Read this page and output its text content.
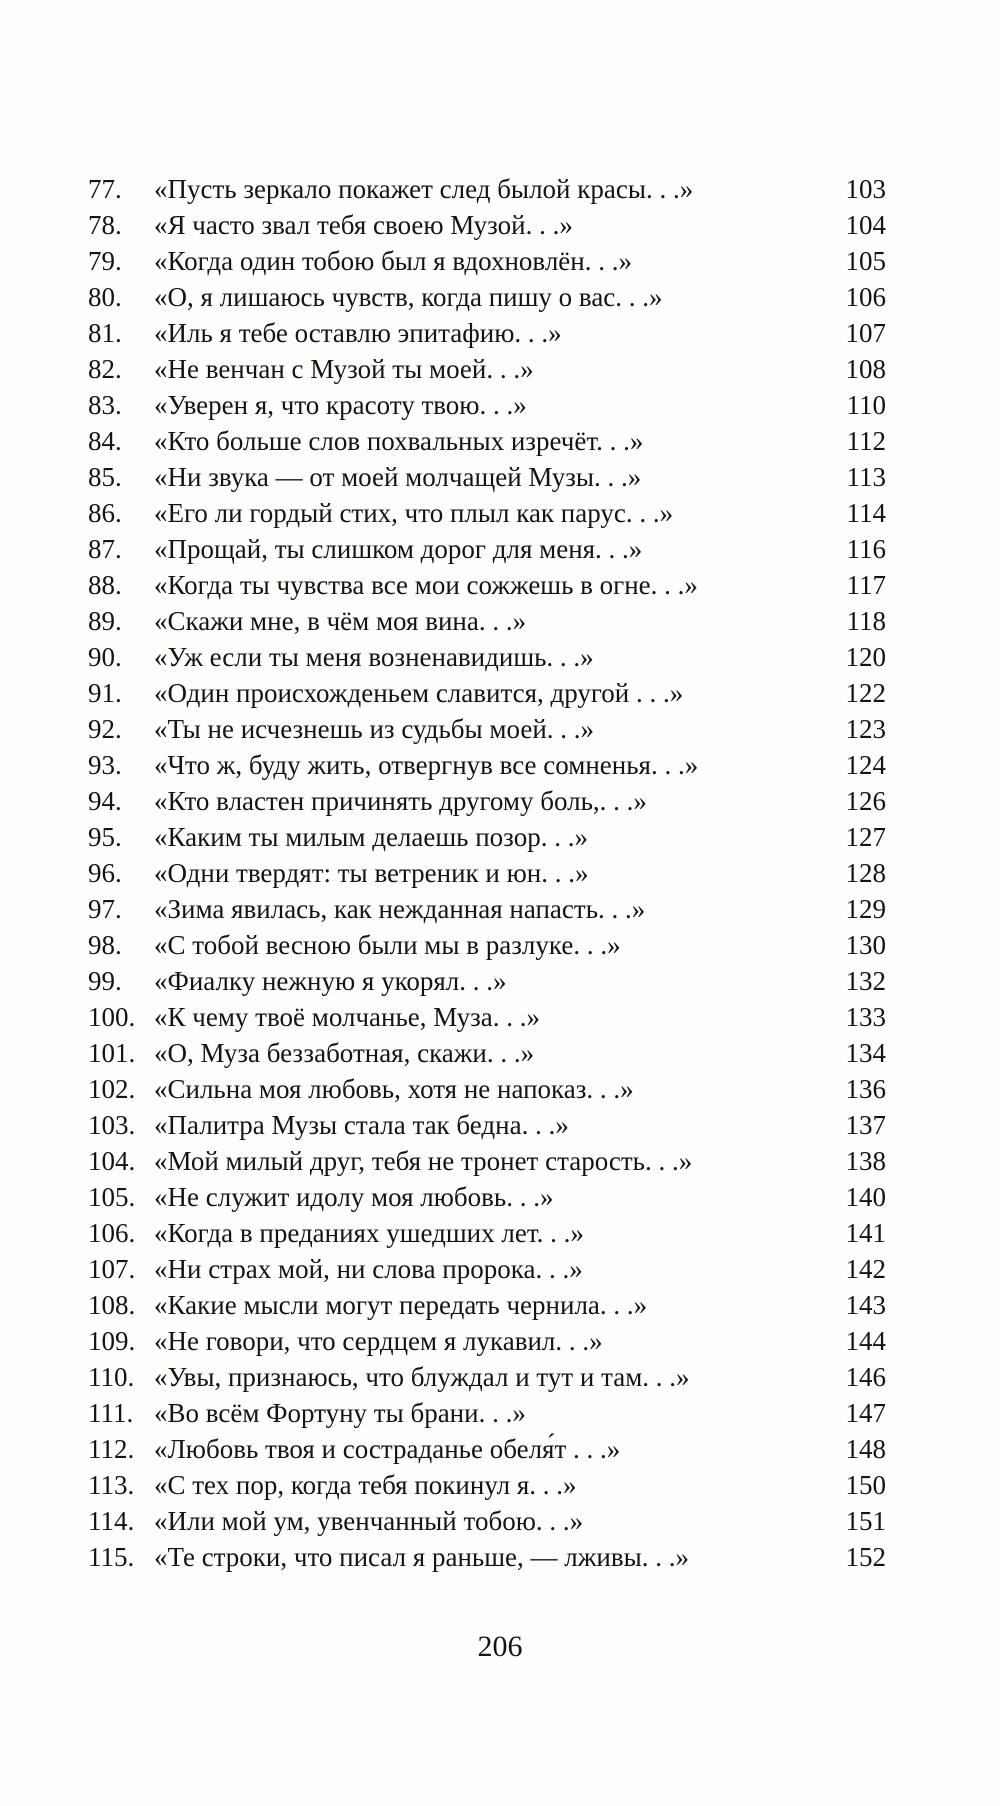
77.	«Пусть зеркало покажет след былой красы. . .»	103
78.	«Я часто звал тебя своею Музой. . .»	104
79.	«Когда один тобою был я вдохновлён. . .»	105
80.	«О, я лишаюсь чувств, когда пишу о вас. . .»	106
81.	«Иль я тебе оставлю эпитафию. . .»	107
82.	«Не венчан с Музой ты моей. . .»	108
83.	«Уверен я, что красоту твою. . .»	110
84.	«Кто больше слов похвальных изречёт. . .»	112
85.	«Ни звука — от моей молчащей Музы. . .»	113
86.	«Его ли гордый стих, что плыл как парус. . .»	114
87.	«Прощай, ты слишком дорог для меня. . .»	116
88.	«Когда ты чувства все мои сожжешь в огне. . .»	117
89.	«Скажи мне, в чём моя вина. . .»	118
90.	«Уж если ты меня возненавидишь. . .»	120
91.	«Один происхожденьем славится, другой . . .»	122
92.	«Ты не исчезнешь из судьбы моей. . .»	123
93.	«Что ж, буду жить, отвергнув все сомненья. . .»	124
94.	«Кто властен причинять другому боль,. . .»	126
95.	«Каким ты милым делаешь позор. . .»	127
96.	«Одни твердят: ты ветреник и юн. . .»	128
97.	«Зима явилась, как нежданная напасть. . .»	129
98.	«С тобой весною были мы в разлуке. . .»	130
99.	«Фиалку нежную я укорял. . .»	132
100. «К чему твоё молчанье, Муза. . .»	133
101. «О, Муза беззаботная, скажи. . .»	134
102. «Сильна моя любовь, хотя не напоказ. . .»	136
103. «Палитра Музы стала так бедна. . .»	137
104. «Мой милый друг, тебя не тронет старость. . .»	138
105. «Не служит идолу моя любовь. . .»	140
106. «Когда в преданиях ушедших лет. . .»	141
107. «Ни страх мой, ни слова пророка. . .»	142
108. «Какие мысли могут передать чернила. . .»	143
109. «Не говори, что сердцем я лукавил. . .»	144
110. «Увы, признаюсь, что блуждал и тут и там. . .»	146
111. «Во всём Фортуну ты брани. . .»	147
112. «Любовь твоя и состраданье обеля́т . . .»	148
113. «С тех пор, когда тебя покинул я. . .»	150
114. «Или мой ум, увенчанный тобою. . .»	151
115. «Те строки, что писал я раньше, — лживы. . .»	152
206
